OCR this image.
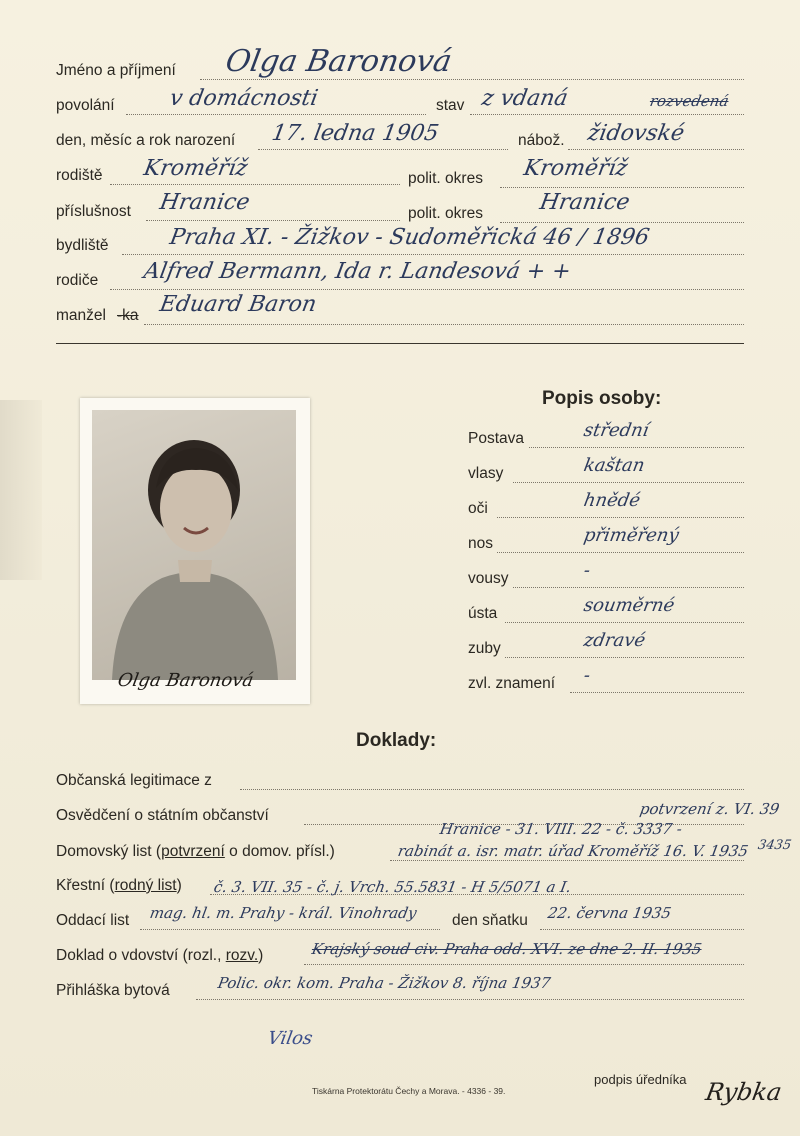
Jméno a příjmení Olga Baronová
povolání v domácnosti	stav z vdaná	rozvedená
den, měsíc a rok narození 17. ledna 1905	nábož. židovské
rodiště Kroměříž	polit. okres Kroměříž
příslušnost Hranice	polit. okres Hranice
bydliště	Praha XI. - Žižkov - Sudoměřická 46 / 1896
rodiče Alfred Bermann, Ida r. Landesová + +
manžel -ka Eduard Baron
Olga Baronová
Popis osoby:
Postava	střední
vlasy	kaštan
oči	hnědé
nos	přiměřený
vousy	-
ústa	souměrné
zuby	zdravé
zvl. znamení -
Doklady:
Občanská legitimace z
Osvědčení o státním občanství	potvrzení z. VI. 39
Hranice - 31. VIII. 22 - č. 3337 -
Domovský list (potvrzení o domov. přísl.)	rabinát a. isr. matr. úřad Kroměříž 16. V. 1935 3435
Křestní (rodný list) č. 3. VII. 35 - č. j. Vrch. 55.5831 - H 5/5071 a I.
Oddací list mag. hl. m. Prahy - král. Vinohrady den sňatku 22. června 1935
Doklad o vdovství (rozl., rozv.)	Krajský soud civ. Praha odd. XVI. ze dne 2. II. 1935
Přihláška bytová	Polic. okr. kom. Praha - Žižkov 8. října 1937
Vilos
Tiskárna Protektorátu Čechy a Morava. - 4336 - 39.
podpis úředníka Rybka
